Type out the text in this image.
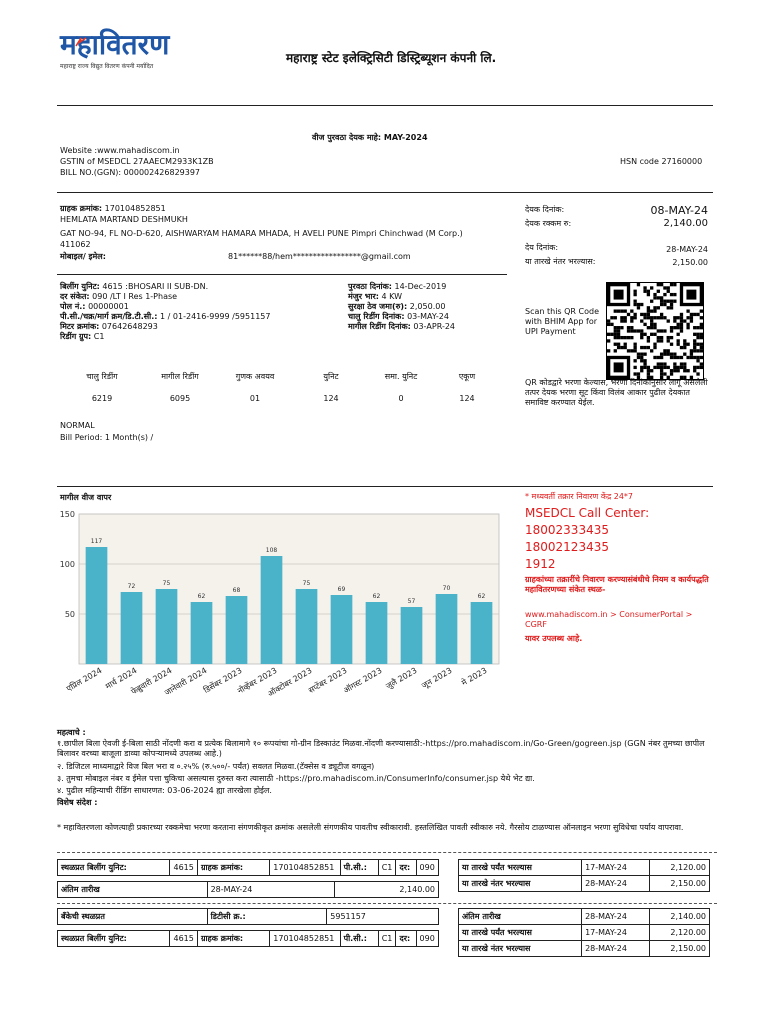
महावितरण
महाराष्ट्र राज्य विद्युत वितरण कंपनी मर्यादित
महाराष्ट्र स्टेट इलेक्ट्रिसिटी डिस्ट्रिब्यूशन कंपनी लि.
वीज पुरवठा देयक माहे: MAY-2024
Website :www.mahadiscom.in
GSTIN of MSEDCL 27AAECM2933K1ZB
BILL NO.(GGN): 000002426829397
HSN code 27160000
ग्राहक क्रमांक: 170104852851
HEMLATA MARTAND DESHMUKH
GAT NO-94, FL NO-D-620, AISHWARYAM HAMARA MHADA, H AVELI PUNE Pimpri Chinchwad (M Corp.)
411062
मोबाइल/ इमेल:	81******88/hem*****************@gmail.com
देयक दिनांक:	08-MAY-24
देयक रक्कम रु:	2,140.00
देय दिनांक:	28-MAY-24
या तारखे नंतर भरल्यास:	2,150.00
बिलींग युनिट: 4615 :BHOSARI II SUB-DN.
दर संकेत: 090 /LT I Res 1-Phase
पोल नं.: 00000001
पी.सी./चक्र/मार्ग क्रम/डि.टी.सी.: 1 / 01-2416-9999 /5951157
मिटर क्रमांक: 07642648293
रिडींग ग्रुप: C1
पुरवठा दिनांक: 14-Dec-2019
मंजुर भार: 4 KW
सुरक्षा ठेव जमा(रु): 2,050.00
चालु रिडींग दिनांक: 03-MAY-24
मागील रिडींग दिनांक: 03-APR-24
Scan this QR Code with BHIM App for UPI Payment
QR कोडद्वारे भरणा केल्यास, भरणा दिनांकानुसार लागू असलेली तत्पर देयक भरणा सूट किंवा विलंब आकार पुढील देयकात समाविष्ट करण्यात येईल.
चालु रिडींग	मागील रिडींग	गुणक अवयव	युनिट	समा. युनिट	एकूण
6219	6095	01	124	0	124
NORMAL
Bill Period: 1 Month(s) /
मागील वीज वापर
50
100
150
117
एप्रिल 2024
72
मार्च 2024
75
फेब्रुवारी 2024
62
जानेवारी 2024
68
डिसेंबर 2023
108
नोव्हेंबर 2023
75
ऑक्टोबर 2023
69
सप्टेंबर 2023
62
ऑगस्ट 2023
57
जुलै 2023
70
जून 2023
62
मे 2023
* मध्यवर्ती तक्रार निवारण केंद्र 24*7
MSEDCL Call Center:
18002333435
18002123435
1912
ग्राहकांच्या तक्रारींचे निवारण करण्यासंबंधीचे नियम व कार्यपद्धति महावितरणच्या संकेत स्थळ-
www.mahadiscom.in > ConsumerPortal > CGRF
यावर उपलब्ध आहे.
महत्वाचे :
१.छापील बिला ऐवजी ई-बिला साठी नोंदणी करा व प्रत्येक बिलामागे १० रूपयांचा गो-ग्रीन डिस्काउंट मिळवा.नोंदणी करण्यासाठी:-https://pro.mahadiscom.in/Go-Green/gogreen.jsp (GGN नंबर तुमच्या छापील बिलावर वरच्या बाजूला डाव्या कोपऱ्यामध्ये उपलब्ध आहे.)
२. डिजिटल माध्यमाद्वारे विज बिल भरा व ०.२५% (रु.५००/- पर्यंत) सवलत मिळवा.(टॅक्सेस व ड्यूटीज वगळून)
३. तुमचा मोबाइल नंबर व ईमेल पत्ता चुकिचा असल्यास दुरुस्त करा त्यासाठी -https://pro.mahadiscom.in/ConsumerInfo/consumer.jsp येथे भेट द्या.
४. पुढील महिन्याची रीडिंग साधारणत: 03-06-2024 ह्या तारखेला होईल.
विशेष संदेश :
* महावितरणला कोणत्याही प्रकारच्या रक्कमेचा भरणा करताना संगणकीकृत क्रमांक असलेली संगणकीय पावतीच स्वीकारावी. हस्तलिखित पावती स्वीकारु नये. गैरसोय टाळण्यास ऑनलाइन भरणा सुविधेचा पर्याय वापरावा.
स्थळप्रत बिलींग युनिट:	4615	ग्राहक क्रमांक:	170104852851	पी.सी.:	C1	दर:	090
अंतिम तारीख	28-MAY-24	2,140.00
या तारखे पर्यंत भरल्यास	17-MAY-24	2,120.00
या तारखे नंतर भरल्यास	28-MAY-24	2,150.00
बँकेची स्थळप्रत	डिटीसी क्र.:	5951157
स्थळप्रत बिलींग युनिट:	4615	ग्राहक क्रमांक:	170104852851	पी.सी.:	C1	दर:	090
अंतिम तारीख	28-MAY-24	2,140.00
या तारखे पर्यंत भरल्यास	17-MAY-24	2,120.00
या तारखे नंतर भरल्यास	28-MAY-24	2,150.00
